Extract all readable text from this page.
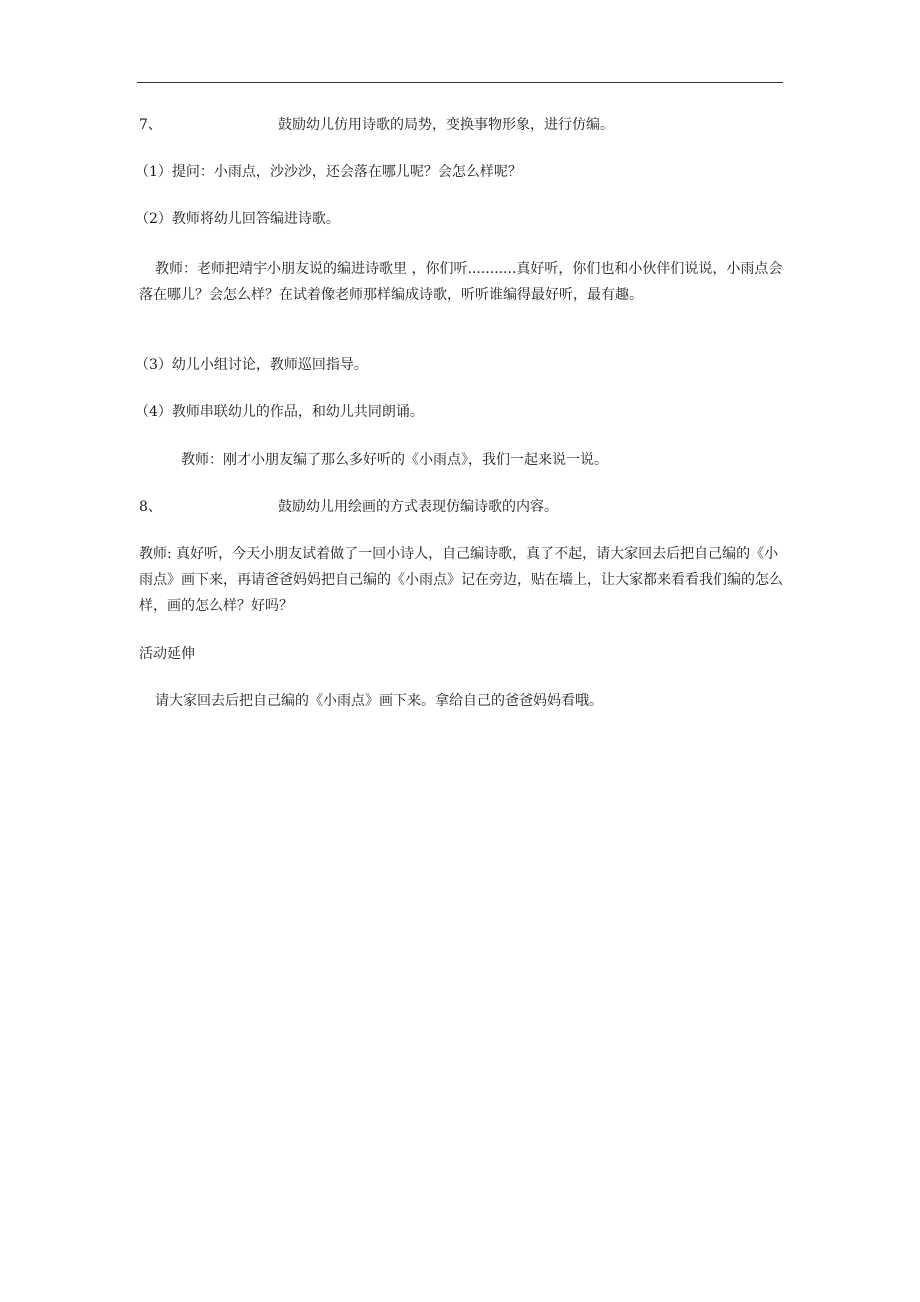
7、	鼓励幼儿仿用诗歌的局势，变换事物形象，进行仿编。
（1）提问：小雨点，沙沙沙，还会落在哪儿呢？会怎么样呢？
（2）教师将幼儿回答编进诗歌。
教师：老师把靖宇小朋友说的编进诗歌里 ，你们听...........真好听，你们也和小伙伴们说说，小雨点会落在哪儿？会怎么样？在试着像老师那样编成诗歌，听听谁编得最好听，最有趣。
（3）幼儿小组讨论，教师巡回指导。
（4）教师串联幼儿的作品，和幼儿共同朗诵。
教师：刚才小朋友编了那么多好听的《小雨点》，我们一起来说一说。
8、	鼓励幼儿用绘画的方式表现仿编诗歌的内容。
教师: 真好听，今天小朋友试着做了一回小诗人，自己编诗歌，真了不起，请大家回去后把自己编的《小雨点》画下来，再请爸爸妈妈把自己编的《小雨点》记在旁边，贴在墙上，让大家都来看看我们编的怎么样，画的怎么样？好吗？
活动延伸
请大家回去后把自己编的《小雨点》画下来。拿给自己的爸爸妈妈看哦。
